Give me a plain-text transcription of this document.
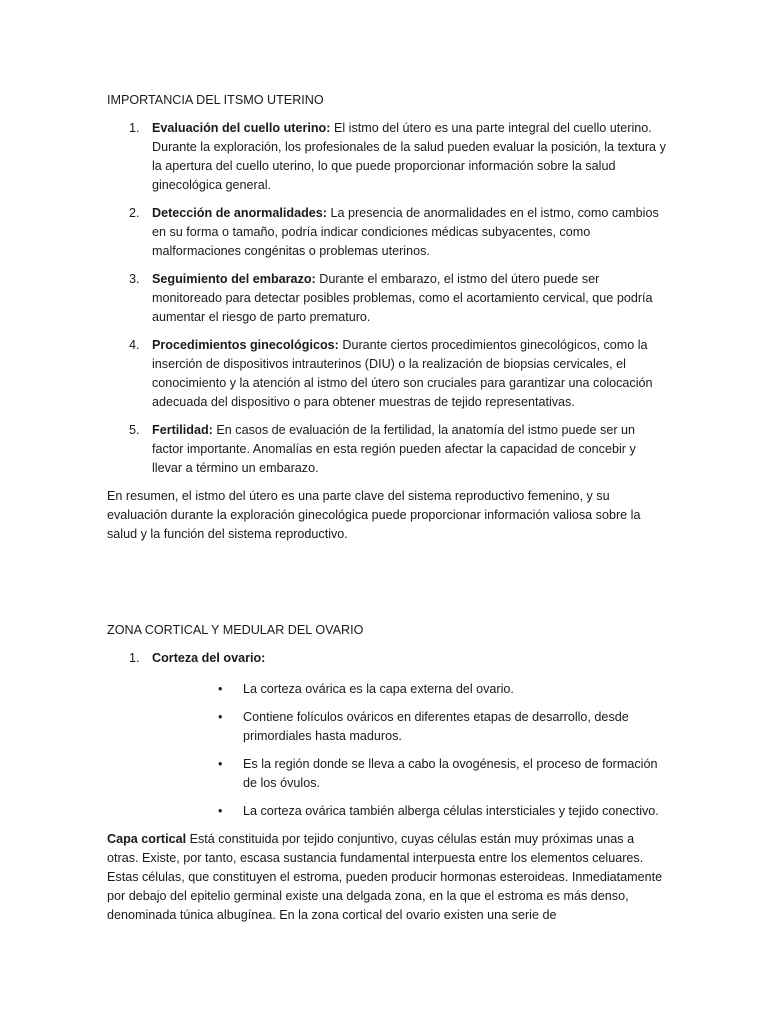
IMPORTANCIA DEL ITSMO UTERINO
1. Evaluación del cuello uterino: El istmo del útero es una parte integral del cuello uterino. Durante la exploración, los profesionales de la salud pueden evaluar la posición, la textura y la apertura del cuello uterino, lo que puede proporcionar información sobre la salud ginecológica general.
2. Detección de anormalidades: La presencia de anormalidades en el istmo, como cambios en su forma o tamaño, podría indicar condiciones médicas subyacentes, como malformaciones congénitas o problemas uterinos.
3. Seguimiento del embarazo: Durante el embarazo, el istmo del útero puede ser monitoreado para detectar posibles problemas, como el acortamiento cervical, que podría aumentar el riesgo de parto prematuro.
4. Procedimientos ginecológicos: Durante ciertos procedimientos ginecológicos, como la inserción de dispositivos intrauterinos (DIU) o la realización de biopsias cervicales, el conocimiento y la atención al istmo del útero son cruciales para garantizar una colocación adecuada del dispositivo o para obtener muestras de tejido representativas.
5. Fertilidad: En casos de evaluación de la fertilidad, la anatomía del istmo puede ser un factor importante. Anomalías en esta región pueden afectar la capacidad de concebir y llevar a término un embarazo.

En resumen, el istmo del útero es una parte clave del sistema reproductivo femenino, y su evaluación durante la exploración ginecológica puede proporcionar información valiosa sobre la salud y la función del sistema reproductivo.

ZONA CORTICAL Y MEDULAR DEL OVARIO
1. Corteza del ovario:
• La corteza ovárica es la capa externa del ovario.
• Contiene folículos ováricos en diferentes etapas de desarrollo, desde primordiales hasta maduros.
• Es la región donde se lleva a cabo la ovogénesis, el proceso de formación de los óvulos.
• La corteza ovárica también alberga células intersticiales y tejido conectivo.

Capa cortical Está constituida por tejido conjuntivo, cuyas células están muy próximas unas a otras. Existe, por tanto, escasa sustancia fundamental interpuesta entre los elementos celuares. Estas células, que constituyen el estroma, pueden producir hormonas esteroideas. Inmediatamente por debajo del epitelio germinal existe una delgada zona, en la que el estroma es más denso, denominada túnica albugínea. En la zona cortical del ovario existen una serie de
